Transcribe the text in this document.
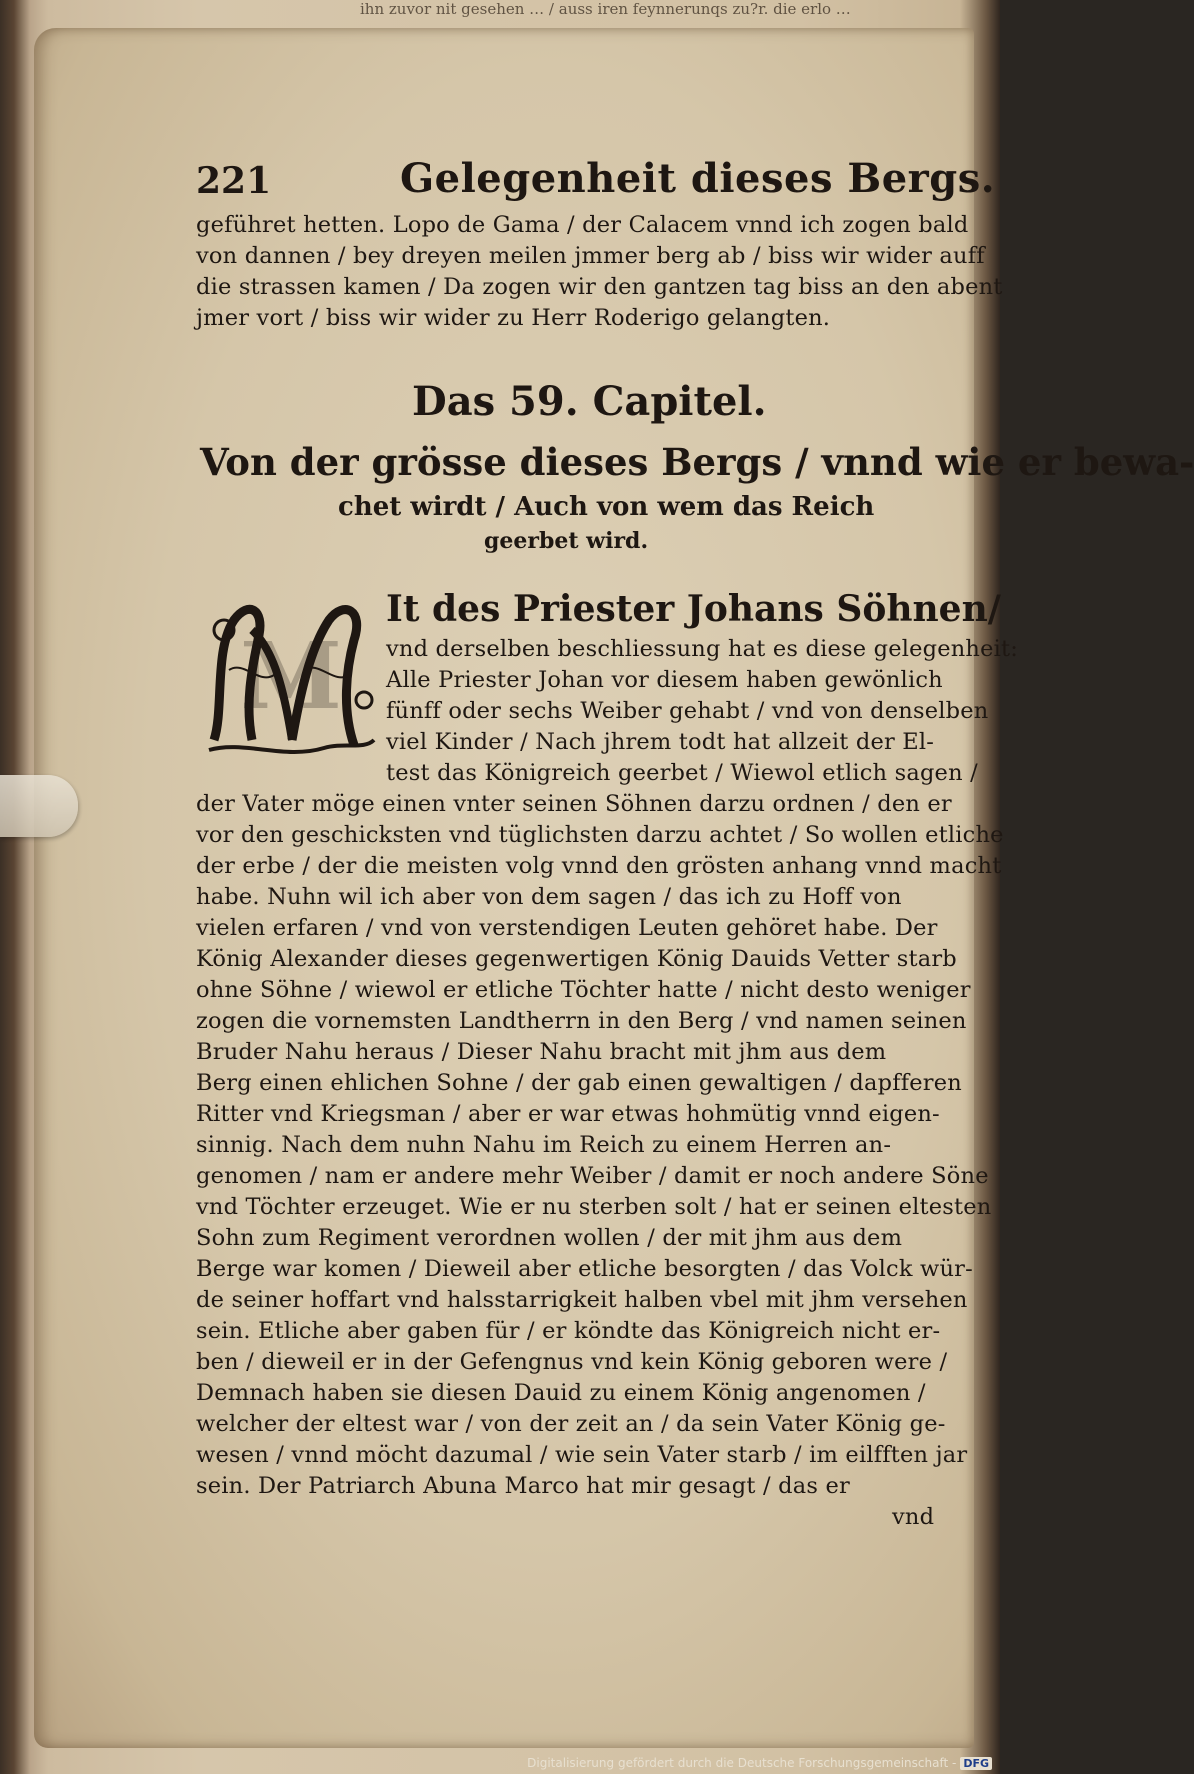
ihn zuvor nit gesehen … / auss iren feynnerunqs zu?r. die erlo …
221	Gelegenheit dieses Bergs.
geführet hetten. Lopo de Gama / der Calacem vnnd ich zogen bald
von dannen / bey dreyen meilen jmmer berg ab / biss wir wider auff
die strassen kamen / Da zogen wir den gantzen tag biss an den abent
jmer vort / biss wir wider zu Herr Roderigo gelangten.
Das 59. Capitel.
Von der grösse dieses Bergs / vnnd wie er bewa-
chet wirdt / Auch von wem das Reich
geerbet wird.
M
It des Priester Johans Söhnen/
vnd derselben beschliessung hat es diese gelegenheit:
Alle Priester Johan vor diesem haben gewönlich
fünff oder sechs Weiber gehabt / vnd von denselben
viel Kinder / Nach jhrem todt hat allzeit der El-
test das Königreich geerbet / Wiewol etlich sagen /
der Vater möge einen vnter seinen Söhnen darzu ordnen / den er
vor den geschicksten vnd tüglichsten darzu achtet / So wollen etliche
der erbe / der die meisten volg vnnd den grösten anhang vnnd macht
habe. Nuhn wil ich aber von dem sagen / das ich zu Hoff von
vielen erfaren / vnd von verstendigen Leuten gehöret habe. Der
König Alexander dieses gegenwertigen König Dauids Vetter starb
ohne Söhne / wiewol er etliche Töchter hatte / nicht desto weniger
zogen die vornemsten Landtherrn in den Berg / vnd namen seinen
Bruder Nahu heraus / Dieser Nahu bracht mit jhm aus dem
Berg einen ehlichen Sohne / der gab einen gewaltigen / dapfferen
Ritter vnd Kriegsman / aber er war etwas hohmütig vnnd eigen-
sinnig. Nach dem nuhn Nahu im Reich zu einem Herren an-
genomen / nam er andere mehr Weiber / damit er noch andere Söne
vnd Töchter erzeuget. Wie er nu sterben solt / hat er seinen eltesten
Sohn zum Regiment verordnen wollen / der mit jhm aus dem
Berge war komen / Dieweil aber etliche besorgten / das Volck wür-
de seiner hoffart vnd halsstarrigkeit halben vbel mit jhm versehen
sein. Etliche aber gaben für / er köndte das Königreich nicht er-
ben / dieweil er in der Gefengnus vnd kein König geboren were /
Demnach haben sie diesen Dauid zu einem König angenomen /
welcher der eltest war / von der zeit an / da sein Vater König ge-
wesen / vnnd möcht dazumal / wie sein Vater starb / im eilfften jar
sein. Der Patriarch Abuna Marco hat mir gesagt / das er
vnd
Digitalisierung gefördert durch die Deutsche Forschungsgemeinschaft - DFG
